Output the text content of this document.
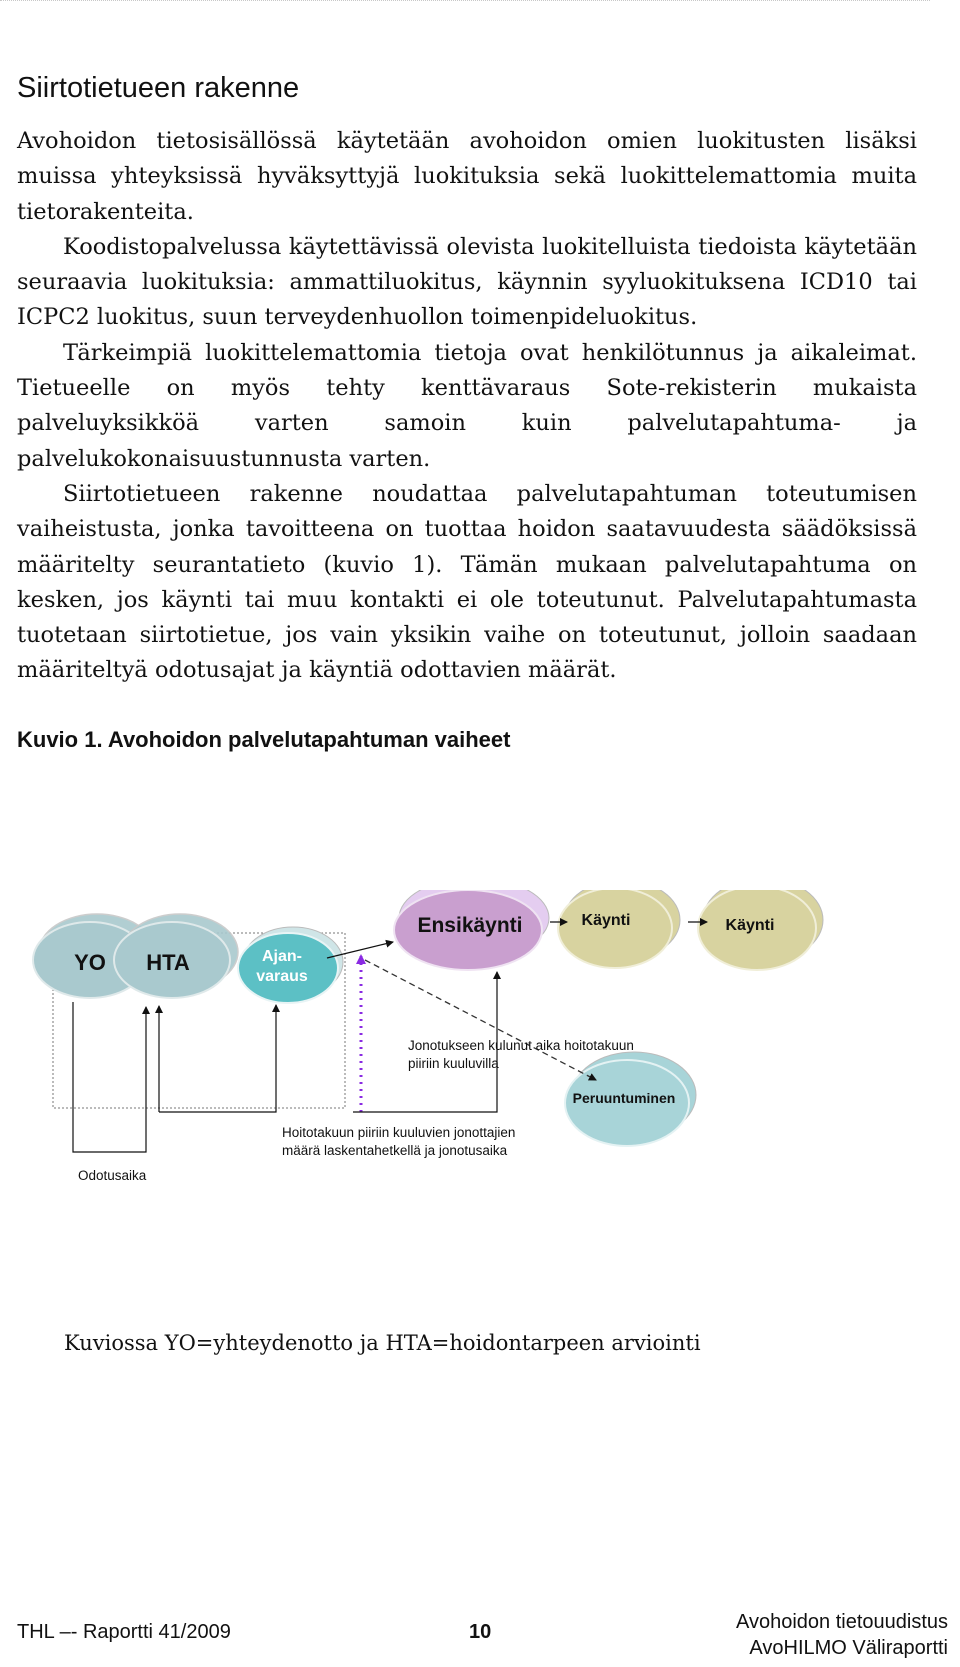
Siirtotietueen rakenne

Avohoidon tietosisällössä käytetään avohoidon omien luokitusten lisäksi muissa yhteyksissä hyväksyttyjä luokituksia sekä luokittelemattomia muita tietorakenteita.

Koodistopalvelussa käytettävissä olevista luokitelluista tiedoista käytetään seuraavia luokituksia: ammattiluokitus, käynnin syyluokituksena ICD10 tai ICPC2 luokitus, suun terveydenhuollon toimenpideluokitus.

Tärkeimpiä luokittelemattomia tietoja ovat henkilötunnus ja aikaleimat. Tietueelle on myös tehty kenttävaraus Sote-rekisterin mukaista palveluyksikköä varten samoin kuin palvelutapahtuma- ja palvelukokonaisuustunnusta varten.

Siirtotietueen rakenne noudattaa palvelutapahtuman toteutumisen vaiheistusta, jonka tavoitteena on tuottaa hoidon saatavuudesta säädöksissä määritelty seurantatieto (kuvio 1). Tämän mukaan palvelutapahtuma on kesken, jos käynti tai muu kontakti ei ole toteutunut. Palvelutapahtumasta tuotetaan siirtotietue, jos vain yksikin vaihe on toteutunut, jolloin saadaan määriteltyä odotusajat ja käyntiä odottavien määrät.

Kuvio 1. Avohoidon palvelutapahtuman vaiheet
YO HTA	Ajan-
varaus
Ensikäynti	Käynti	Käynti
Peruuntuminen
Jonotukseen kulunut aika hoitotakuun
piiriin kuuluvilla
Hoitotakuun piiriin kuuluvien jonottajien
määrä laskentahetkellä ja jonotusaika
Odotusaika
Kuviossa YO=yhteydenotto ja HTA=hoidontarpeen arviointi
THL –- Raportti 41/2009	10	Avohoidon tietouudistus
AvoHILMO Väliraportti
